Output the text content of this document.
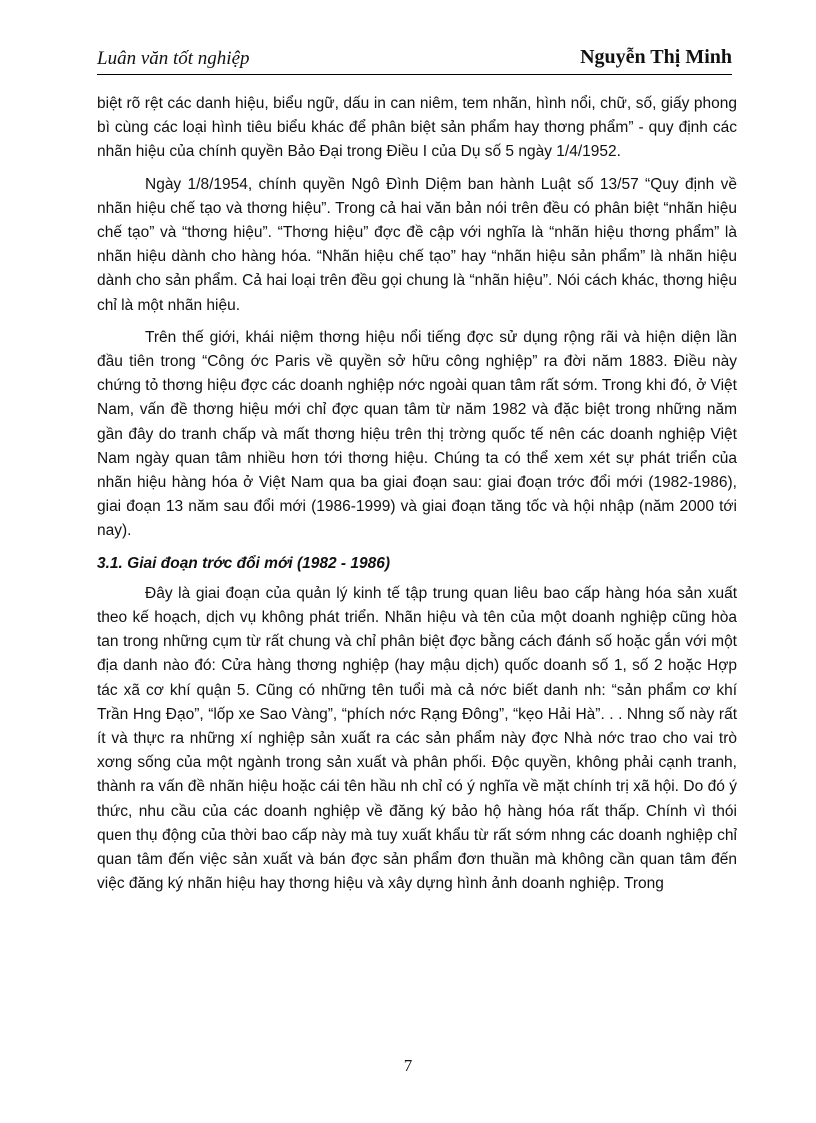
Luân văn tốt nghiệp	Nguyễn Thị Minh

biệt rõ rệt các danh hiệu, biểu ngữ, dấu in can niêm, tem nhãn, hình nổi, chữ, số, giấy phong bì cùng các loại hình tiêu biểu khác để phân biệt sản phẩm hay thơng phẩm” - quy định các nhãn hiệu của chính quyền Bảo Đại trong Điều I của Dụ số 5 ngày 1/4/1952.

Ngày 1/8/1954, chính quyền Ngô Đình Diệm ban hành Luật số 13/57 “Quy định về nhãn hiệu chế tạo và thơng hiệu”. Trong cả hai văn bản nói trên đều có phân biệt “nhãn hiệu chế tạo” và “thơng hiệu”. “Thơng hiệu” đợc đề cập với nghĩa là “nhãn hiệu thơng phẩm” là nhãn hiệu dành cho hàng hóa. “Nhãn hiệu chế tạo” hay “nhãn hiệu sản phẩm” là nhãn hiệu dành cho sản phẩm. Cả hai loại trên đều gọi chung là “nhãn hiệu”. Nói cách khác, thơng hiệu chỉ là một nhãn hiệu.

Trên thế giới, khái niệm thơng hiệu nổi tiếng đợc sử dụng rộng rãi và hiện diện lần đầu tiên trong “Công ớc Paris về quyền sở hữu công nghiệp” ra đời năm 1883. Điều này chứng tỏ thơng hiệu đợc các doanh nghiệp nớc ngoài quan tâm rất sớm. Trong khi đó, ở Việt Nam, vấn đề thơng hiệu mới chỉ đợc quan tâm từ năm 1982 và đặc biệt trong những năm gần đây do tranh chấp và mất thơng hiệu trên thị trờng quốc tế nên các doanh nghiệp Việt Nam ngày quan tâm nhiều hơn tới thơng hiệu. Chúng ta có thể xem xét sự phát triển của nhãn hiệu hàng hóa ở Việt Nam qua ba giai đoạn sau: giai đoạn trớc đổi mới (1982-1986), giai đoạn 13 năm sau đổi mới (1986-1999) và giai đoạn tăng tốc và hội nhập (năm 2000 tới nay).

3.1. Giai đoạn trớc đổi mới (1982 - 1986)

Đây là giai đoạn của quản lý kinh tế tập trung quan liêu bao cấp hàng hóa sản xuất theo kế hoạch, dịch vụ không phát triển. Nhãn hiệu và tên của một doanh nghiệp cũng hòa tan trong những cụm từ rất chung và chỉ phân biệt đợc bằng cách đánh số hoặc gắn với một địa danh nào đó: Cửa hàng thơng nghiệp (hay mậu dịch) quốc doanh số 1, số 2 hoặc Hợp tác xã cơ khí quận 5. Cũng có những tên tuổi mà cả nớc biết danh nh: “sản phẩm cơ khí Trần Hng Đạo”, “lốp xe Sao Vàng”, “phích nớc Rạng Đông”, “kẹo Hải Hà”. . . Nhng số này rất ít và thực ra những xí nghiệp sản xuất ra các sản phẩm này đợc Nhà nớc trao cho vai trò xơng sống của một ngành trong sản xuất và phân phối. Độc quyền, không phải cạnh tranh, thành ra vấn đề nhãn hiệu hoặc cái tên hầu nh chỉ có ý nghĩa về mặt chính trị xã hội. Do đó ý thức, nhu cầu của các doanh nghiệp về đăng ký bảo hộ hàng hóa rất thấp. Chính vì thói quen thụ động của thời bao cấp này mà tuy xuất khẩu từ rất sớm nhng các doanh nghiệp chỉ quan tâm đến việc sản xuất và bán đợc sản phẩm đơn thuần mà không cần quan tâm đến việc đăng ký nhãn hiệu hay thơng hiệu và xây dựng hình ảnh doanh nghiệp. Trong

7
